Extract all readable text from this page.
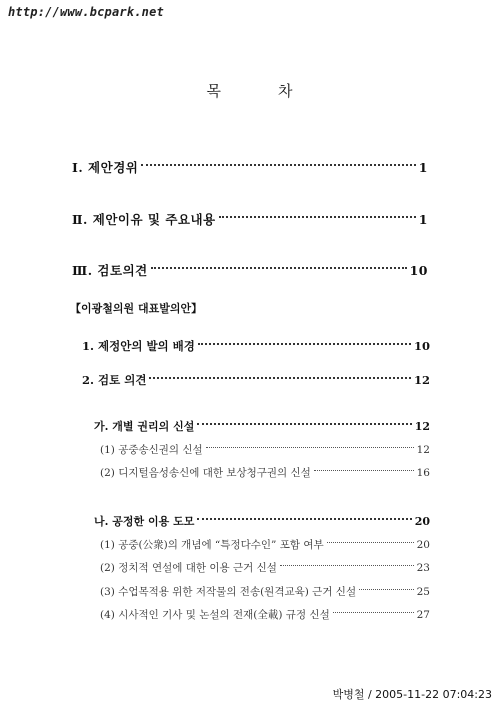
http://www.bcpark.net
목	차
Ⅰ. 제안경위	1
Ⅱ. 제안이유 및 주요내용	1
Ⅲ. 검토의견	10
【이광철의원 대표발의안】
1. 제정안의 발의 배경	10
2. 검토 의견	12
가. 개별 권리의 신설	12
(1) 공중송신권의 신설	12
(2) 디지털음성송신에 대한 보상청구권의 신설	16
나. 공정한 이용 도모	20
(1) 공중(公衆)의 개념에 “특정다수인” 포함 여부	20
(2) 정치적 연설에 대한 이용 근거 신설	23
(3) 수업목적용 위한 저작물의 전송(원격교육) 근거 신설	25
(4) 시사적인 기사 및 논설의 전재(全載) 규정 신설	27
박병철 / 2005-11-22 07:04:23
